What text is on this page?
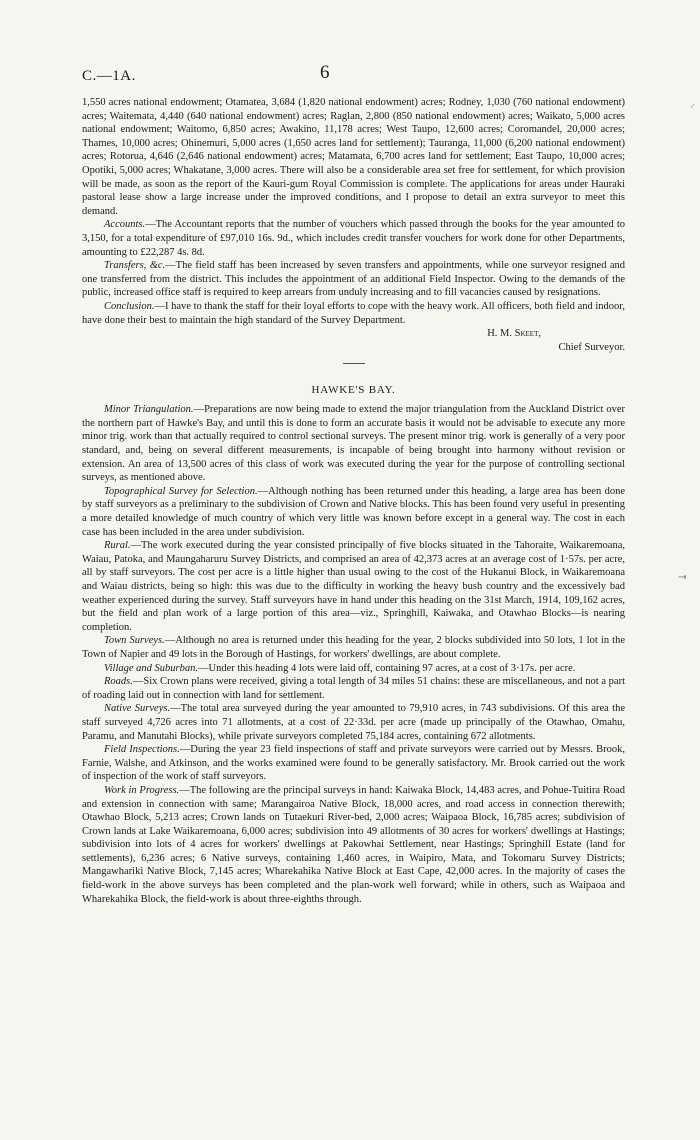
⸝
⇥
C.—1A.	6

1,550 acres national endowment; Otamatea, 3,684 (1,820 national endowment) acres; Rodney, 1,030 (760 national endowment) acres; Waitemata, 4,440 (640 national endowment) acres; Raglan, 2,800 (850 national endowment) acres; Waikato, 5,000 acres national endowment; Waitomo, 6,850 acres; Awakino, 11,178 acres; West Taupo, 12,600 acres; Coromandel, 20,000 acres; Thames, 10,000 acres; Ohinemuri, 5,000 acres (1,650 acres land for settlement); Tauranga, 11,000 (6,200 national endowment) acres; Rotorua, 4,646 (2,646 national endowment) acres; Matamata, 6,700 acres land for settlement; East Taupo, 10,000 acres; Opotiki, 5,000 acres; Whakatane, 3,000 acres. There will also be a considerable area set free for settlement, for which provision will be made, as soon as the report of the Kauri-gum Royal Commission is complete. The applications for areas under Hauraki pastoral lease show a large increase under the improved conditions, and I propose to detail an extra surveyor to meet this demand.

Accounts.—The Accountant reports that the number of vouchers which passed through the books for the year amounted to 3,150, for a total expenditure of £97,010 16s. 9d., which includes credit transfer vouchers for work done for other Departments, amounting to £22,287 4s. 8d.

Transfers, &c.—The field staff has been increased by seven transfers and appointments, while one surveyor resigned and one transferred from the district. This includes the appointment of an additional Field Inspector. Owing to the demands of the public, increased office staff is required to keep arrears from unduly increasing and to fill vacancies caused by resignations.

Conclusion.—I have to thank the staff for their loyal efforts to cope with the heavy work. All officers, both field and indoor, have done their best to maintain the high standard of the Survey Department.

H. M. Skeet,
Chief Surveyor.
HAWKE'S BAY.

Minor Triangulation.—Preparations are now being made to extend the major triangulation from the Auckland District over the northern part of Hawke's Bay, and until this is done to form an accurate basis it would not be advisable to execute any more minor trig. work than that actually required to control sectional surveys. The present minor trig. work is generally of a very poor standard, and, being on several different measurements, is incapable of being brought into harmony without revision or extension. An area of 13,500 acres of this class of work was executed during the year for the purpose of controlling sectional surveys, as mentioned above.

Topographical Survey for Selection.—Although nothing has been returned under this heading, a large area has been done by staff surveyors as a preliminary to the subdivision of Crown and Native blocks. This has been found very useful in presenting a more detailed knowledge of much country of which very little was known before except in a general way. The cost in each case has been included in the area under subdivision.

Rural.—The work executed during the year consisted principally of five blocks situated in the Tahoraite, Waikaremoana, Waiau, Patoka, and Maungaharuru Survey Districts, and comprised an area of 42,373 acres at an average cost of 1·57s. per acre, all by staff surveyors. The cost per acre is a little higher than usual owing to the cost of the Hukanui Block, in Waikaremoana and Waiau districts, being so high: this was due to the difficulty in working the heavy bush country and the excessively bad weather experienced during the survey. Staff surveyors have in hand under this heading on the 31st March, 1914, 109,162 acres, but the field and plan work of a large portion of this area—viz., Springhill, Kaiwaka, and Otawhao Blocks—is nearing completion.

Town Surveys.—Although no area is returned under this heading for the year, 2 blocks subdivided into 50 lots, 1 lot in the Town of Napier and 49 lots in the Borough of Hastings, for workers' dwellings, are about complete.

Village and Suburban.—Under this heading 4 lots were laid off, containing 97 acres, at a cost of 3·17s. per acre.

Roads.—Six Crown plans were received, giving a total length of 34 miles 51 chains: these are miscellaneous, and not a part of roading laid out in connection with land for settlement.

Native Surveys.—The total area surveyed during the year amounted to 79,910 acres, in 743 subdivisions. Of this area the staff surveyed 4,726 acres into 71 allotments, at a cost of 22·33d. per acre (made up principally of the Otawhao, Omahu, Paramu, and Manutahi Blocks), while private surveyors completed 75,184 acres, containing 672 allotments.

Field Inspections.—During the year 23 field inspections of staff and private surveyors were carried out by Messrs. Brook, Farnie, Walshe, and Atkinson, and the works examined were found to be generally satisfactory. Mr. Brook carried out the work of inspection of the work of staff surveyors.

Work in Progress.—The following are the principal surveys in hand: Kaiwaka Block, 14,483 acres, and Pohue-Tuitira Road and extension in connection with same; Marangairoa Native Block, 18,000 acres, and road access in connection therewith; Otawhao Block, 5,213 acres; Crown lands on Tutaekuri River-bed, 2,000 acres; Waipaoa Block, 16,785 acres; subdivision of Crown lands at Lake Waikaremoana, 6,000 acres; subdivision into 49 allotments of 30 acres for workers' dwellings at Hastings; subdivision into lots of 4 acres for workers' dwellings at Pakowhai Settlement, near Hastings; Springhill Estate (land for settlements), 6,236 acres; 6 Native surveys, containing 1,460 acres, in Waipiro, Mata, and Tokomaru Survey Districts; Mangawhariki Native Block, 7,145 acres; Wharekahika Native Block at East Cape, 42,000 acres. In the majority of cases the field-work in the above surveys has been completed and the plan-work well forward; while in others, such as Waipaoa and Wharekahika Block, the field-work is about three-eighths through.
